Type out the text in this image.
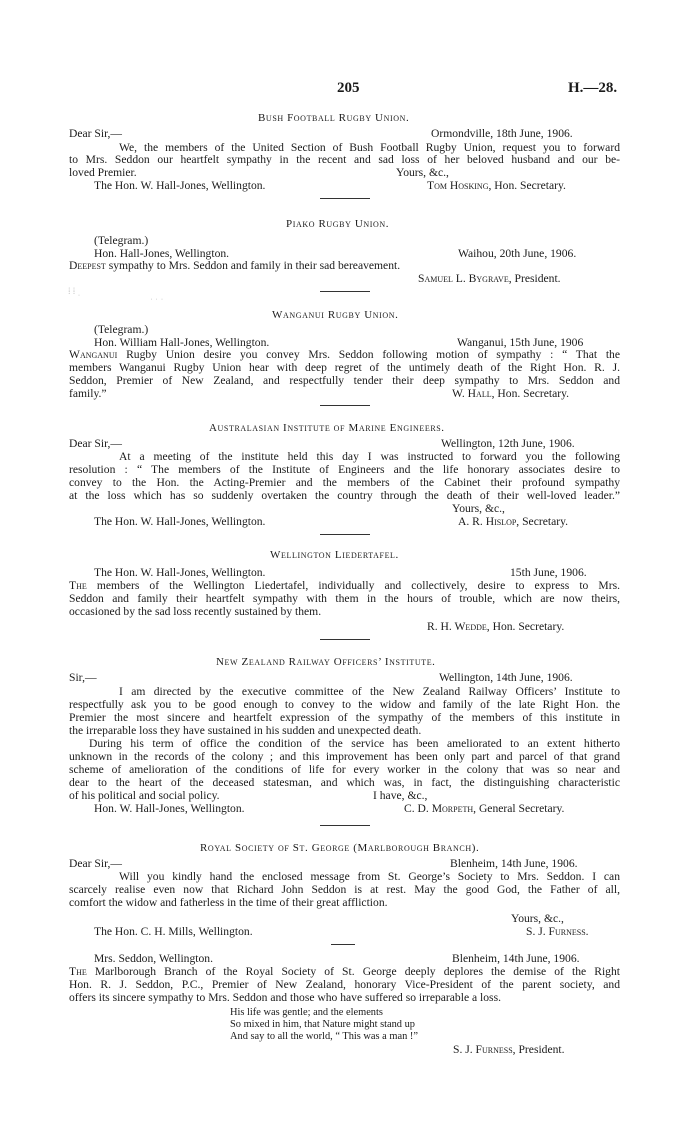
205	H.—28.
Bush Football Rugby Union.
Dear Sir,—	Ormondville, 18th June, 1906.
We, the members of the United Section of Bush Football Rugby Union, request you to forward
to Mrs. Seddon our heartfelt sympathy in the recent and sad loss of her beloved husband and our be-
loved Premier.	Yours, &c.,
The Hon. W. Hall-Jones, Wellington.	Tom Hosking, Hon. Secretary.
Piako Rugby Union.
(Telegram.)
Hon. Hall-Jones, Wellington.	Waihou, 20th June, 1906.
Deepest sympathy to Mrs. Seddon and family in their sad bereavement.
Samuel L. Bygrave, President.
⁞ ⁞ ˌ	ˌ ˌ ˌ
Wanganui Rugby Union.
(Telegram.)
Hon. William Hall-Jones, Wellington.	Wanganui, 15th June, 1906
Wanganui Rugby Union desire you convey Mrs. Seddon following motion of sympathy : “ That the
members Wanganui Rugby Union hear with deep regret of the untimely death of the Right Hon. R. J.
Seddon, Premier of New Zealand, and respectfully tender their deep sympathy to Mrs. Seddon and
family.”	W. Hall, Hon. Secretary.
Australasian Institute of Marine Engineers.
Dear Sir,—	Wellington, 12th June, 1906.
At a meeting of the institute held this day I was instructed to forward you the following
resolution : “ The members of the Institute of Engineers and the life honorary associates desire to
convey to the Hon. the Acting-Premier and the members of the Cabinet their profound sympathy
at the loss which has so suddenly overtaken the country through the death of their well-loved leader.”
Yours, &c.,
The Hon. W. Hall-Jones, Wellington.	A. R. Hislop, Secretary.
Wellington Liedertafel.
The Hon. W. Hall-Jones, Wellington.	15th June, 1906.
The members of the Wellington Liedertafel, individually and collectively, desire to express to Mrs.
Seddon and family their heartfelt sympathy with them in the hours of trouble, which are now theirs,
occasioned by the sad loss recently sustained by them.
R. H. Wedde, Hon. Secretary.
New Zealand Railway Officers’ Institute.
Sir,—	Wellington, 14th June, 1906.
I am directed by the executive committee of the New Zealand Railway Officers’ Institute to
respectfully ask you to be good enough to convey to the widow and family of the late Right Hon. the
Premier the most sincere and heartfelt expression of the sympathy of the members of this institute in
the irreparable loss they have sustained in his sudden and unexpected death.
During his term of office the condition of the service has been ameliorated to an extent hitherto
unknown in the records of the colony ; and this improvement has been only part and parcel of that grand
scheme of amelioration of the conditions of life for every worker in the colony that was so near and
dear to the heart of the deceased statesman, and which was, in fact, the distinguishing characteristic
of his political and social policy.	I have, &c.,
Hon. W. Hall-Jones, Wellington.	C. D. Morpeth, General Secretary.
Royal Society of St. George (Marlborough Branch).
Dear Sir,—	Blenheim, 14th June, 1906.
Will you kindly hand the enclosed message from St. George’s Society to Mrs. Seddon. I can
scarcely realise even now that Richard John Seddon is at rest. May the good God, the Father of all,
comfort the widow and fatherless in the time of their great affliction.
Yours, &c.,
The Hon. C. H. Mills, Wellington.	S. J. Furness.
Mrs. Seddon, Wellington.	Blenheim, 14th June, 1906.
The Marlborough Branch of the Royal Society of St. George deeply deplores the demise of the Right
Hon. R. J. Seddon, P.C., Premier of New Zealand, honorary Vice-President of the parent society, and
offers its sincere sympathy to Mrs. Seddon and those who have suffered so irreparable a loss.
His life was gentle; and the elements
So mixed in him, that Nature might stand up
And say to all the world, “ This was a man !”
S. J. Furness, President.
